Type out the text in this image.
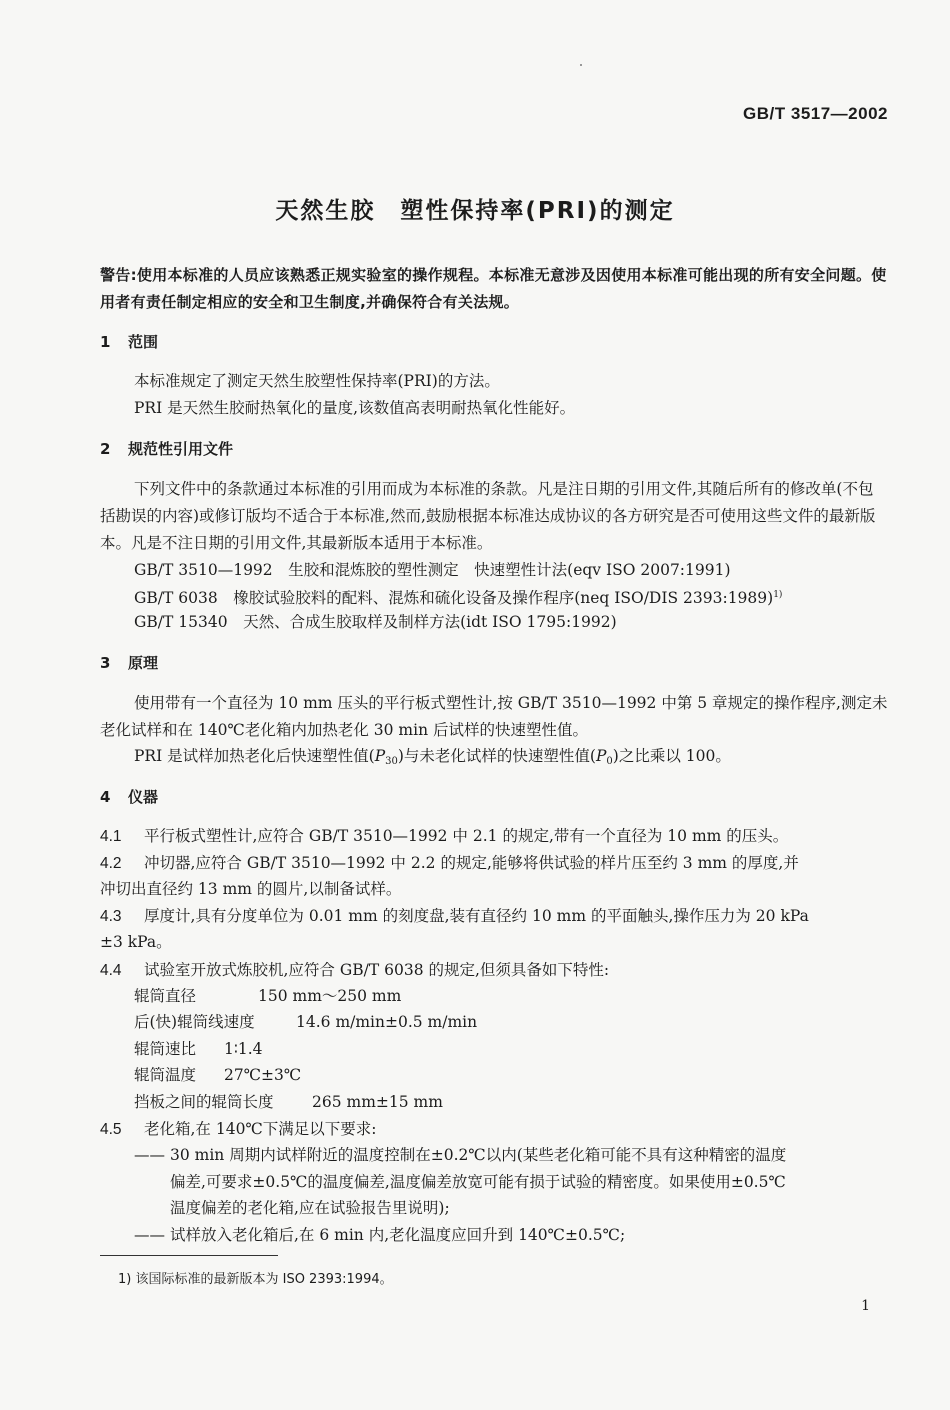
GB/T 3517—2002
天然生胶　塑性保持率(PRI)的测定
警告:使用本标准的人员应该熟悉正规实验室的操作规程。本标准无意涉及因使用本标准可能出现的所有安全问题。使用者有责任制定相应的安全和卫生制度,并确保符合有关法规。
1 范围
本标准规定了测定天然生胶塑性保持率(PRI)的方法。
PRI 是天然生胶耐热氧化的量度,该数值高表明耐热氧化性能好。
2 规范性引用文件
下列文件中的条款通过本标准的引用而成为本标准的条款。凡是注日期的引用文件,其随后所有的修改单(不包括勘误的内容)或修订版均不适合于本标准,然而,鼓励根据本标准达成协议的各方研究是否可使用这些文件的最新版本。凡是不注日期的引用文件,其最新版本适用于本标准。
GB/T 3510—1992　生胶和混炼胶的塑性测定　快速塑性计法(eqv ISO 2007:1991)
GB/T 6038　橡胶试验胶料的配料、混炼和硫化设备及操作程序(neq ISO/DIS 2393:1989)$^{1)}$
GB/T 15340　天然、合成生胶取样及制样方法(idt ISO 1795:1992)
3 原理
使用带有一个直径为 10 mm 压头的平行板式塑性计,按 GB/T 3510—1992 中第 5 章规定的操作程序,测定未老化试样和在 140℃老化箱内加热老化 30 min 后试样的快速塑性值。
PRI 是试样加热老化后快速塑性值$(P_{30})$与未老化试样的快速塑性值$(P_0)$之比乘以 100。
4 仪器
4.1 平行板式塑性计,应符合 GB/T 3510—1992 中 2.1 的规定,带有一个直径为 10 mm 的压头。
4.2 冲切器,应符合 GB/T 3510—1992 中 2.2 的规定,能够将供试验的样片压至约 3 mm 的厚度,并
冲切出直径约 13 mm 的圆片,以制备试样。
4.3 厚度计,具有分度单位为 0.01 mm 的刻度盘,装有直径约 10 mm 的平面触头,操作压力为 20 kPa
±3 kPa。
4.4 试验室开放式炼胶机,应符合 GB/T 6038 的规定,但须具备如下特性:
辊筒直径	150 mm～250 mm
后(快)辊筒线速度	14.6 m/min±0.5 m/min
辊筒速比 1∶1.4
辊筒温度 27℃±3℃
挡板之间的辊筒长度 265 mm±15 mm
4.5 老化箱,在 140℃下满足以下要求:
—— 30 min 周期内试样附近的温度控制在±0.2℃以内(某些老化箱可能不具有这种精密的温度
偏差,可要求±0.5℃的温度偏差,温度偏差放宽可能有损于试验的精密度。如果使用±0.5℃
温度偏差的老化箱,应在试验报告里说明);
—— 试样放入老化箱后,在 6 min 内,老化温度应回升到 140℃±0.5℃;
1) 该国际标准的最新版本为 ISO 2393:1994。
1
